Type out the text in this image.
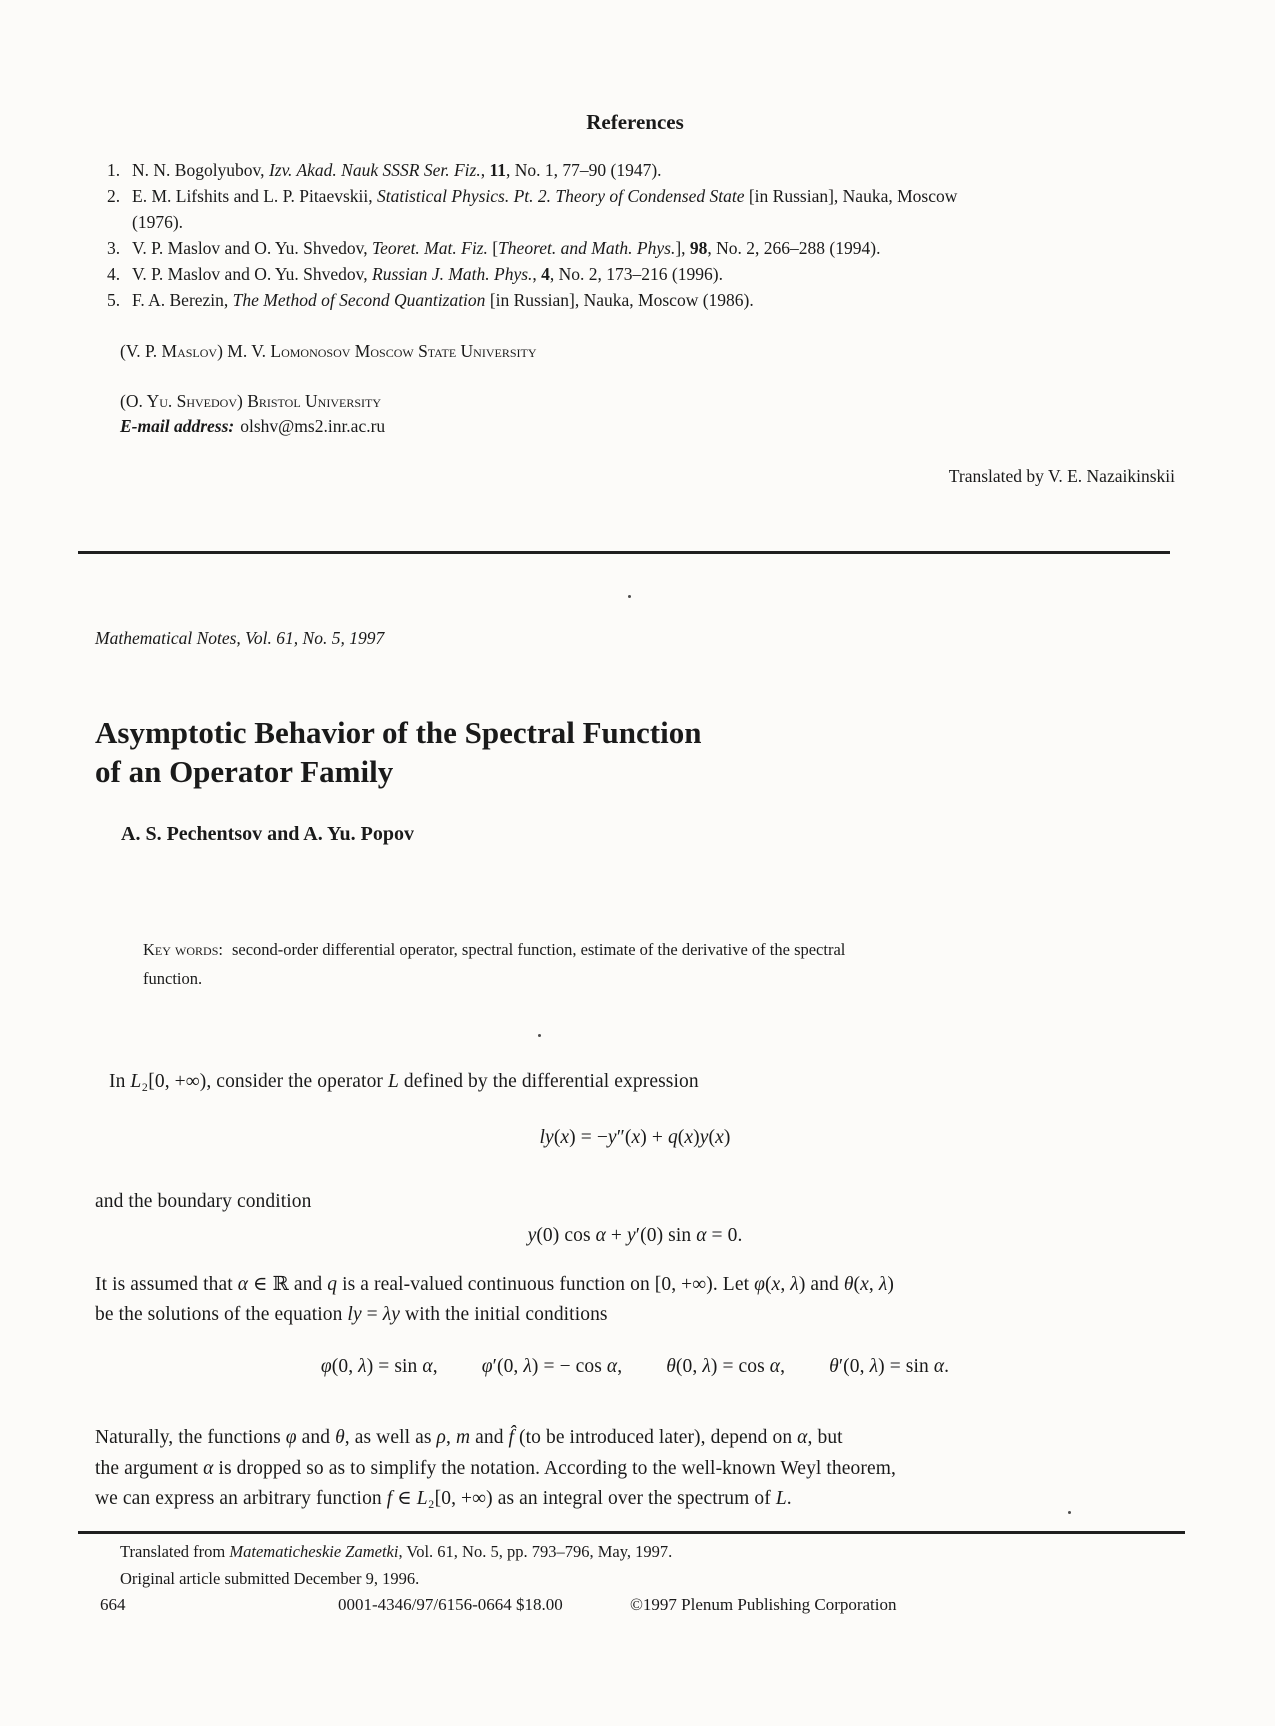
References
1. N. N. Bogolyubov, Izv. Akad. Nauk SSSR Ser. Fiz., 11, No. 1, 77–90 (1947).
2. E. M. Lifshits and L. P. Pitaevskii, Statistical Physics. Pt. 2. Theory of Condensed State [in Russian], Nauka, Moscow
(1976).
3. V. P. Maslov and O. Yu. Shvedov, Teoret. Mat. Fiz. [Theoret. and Math. Phys.], 98, No. 2, 266–288 (1994).
4. V. P. Maslov and O. Yu. Shvedov, Russian J. Math. Phys., 4, No. 2, 173–216 (1996).
5. F. A. Berezin, The Method of Second Quantization [in Russian], Nauka, Moscow (1986).
(V. P. Maslov) M. V. Lomonosov Moscow State University
(O. Yu. Shvedov) Bristol University
E-mail address: olshv@ms2.inr.ac.ru
Translated by V. E. Nazaikinskii
Mathematical Notes, Vol. 61, No. 5, 1997
Asymptotic Behavior of the Spectral Function
of an Operator Family
A. S. Pechentsov and A. Yu. Popov
Key words: second-order differential operator, spectral function, estimate of the derivative of the spectral
function.
In L₂[0, +∞), consider the operator L defined by the differential expression
ly(x) = −y″(x) + q(x)y(x)
and the boundary condition
y(0) cos α + y′(0) sin α = 0.
It is assumed that α ∈ ℝ and q is a real-valued continuous function on [0, +∞). Let φ(x, λ) and θ(x, λ)
be the solutions of the equation ly = λy with the initial conditions
φ(0, λ) = sin α, φ′(0, λ) = − cos α, θ(0, λ) = cos α, θ′(0, λ) = sin α.
Naturally, the functions φ and θ, as well as ρ, m and f̂ (to be introduced later), depend on α, but
the argument α is dropped so as to simplify the notation. According to the well-known Weyl theorem,
we can express an arbitrary function f ∈ L₂[0, +∞) as an integral over the spectrum of L.
Translated from Matematicheskie Zametki, Vol. 61, No. 5, pp. 793–796, May, 1997.
Original article submitted December 9, 1996.
664	0001-4346/97/6156-0664 $18.00	©1997 Plenum Publishing Corporation
